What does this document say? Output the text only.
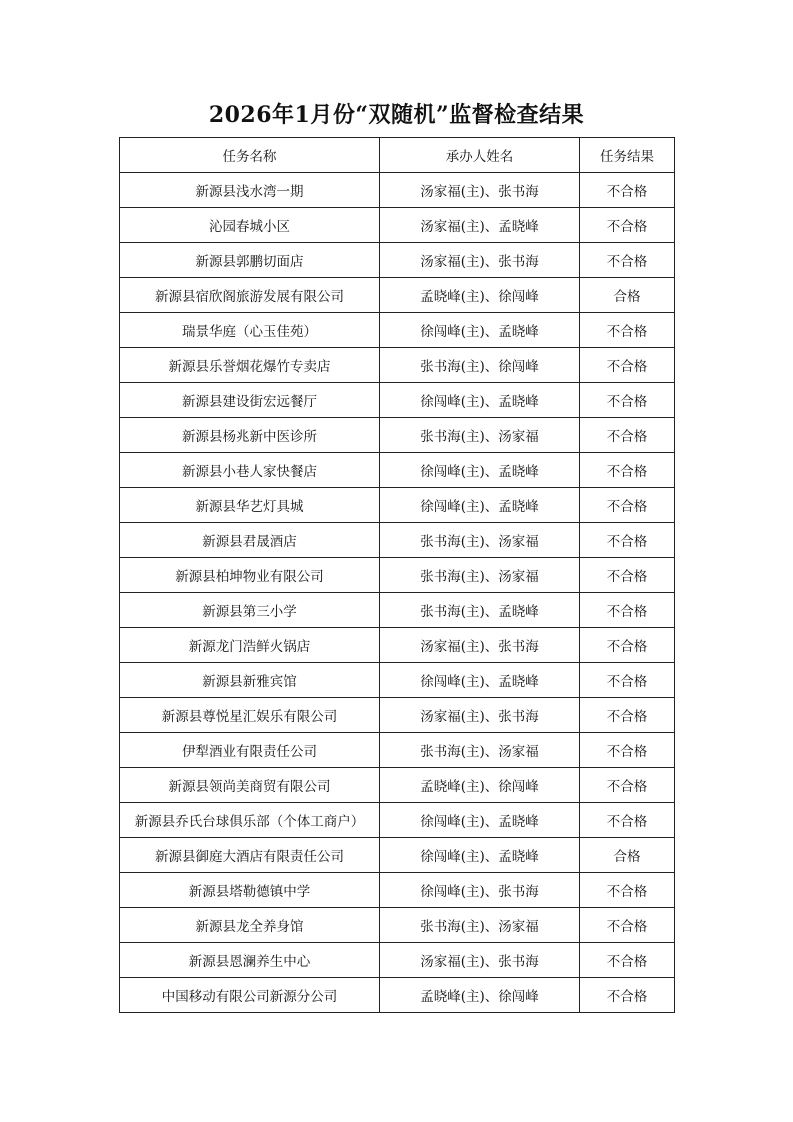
2026年1月份“双随机”监督检查结果
任务名称	承办人姓名	任务结果
新源县浅水湾一期	汤家福(主)、张书海	不合格
沁园春城小区	汤家福(主)、孟晓峰	不合格
新源县郭鹏切面店	汤家福(主)、张书海	不合格
新源县宿欣阁旅游发展有限公司	孟晓峰(主)、徐闯峰	合格
瑞景华庭（心玉佳苑）	徐闯峰(主)、孟晓峰	不合格
新源县乐誉烟花爆竹专卖店	张书海(主)、徐闯峰	不合格
新源县建设街宏远餐厅	徐闯峰(主)、孟晓峰	不合格
新源县杨兆新中医诊所	张书海(主)、汤家福	不合格
新源县小巷人家快餐店	徐闯峰(主)、孟晓峰	不合格
新源县华艺灯具城	徐闯峰(主)、孟晓峰	不合格
新源县君晟酒店	张书海(主)、汤家福	不合格
新源县柏坤物业有限公司	张书海(主)、汤家福	不合格
新源县第三小学	张书海(主)、孟晓峰	不合格
新源龙门浩鲜火锅店	汤家福(主)、张书海	不合格
新源县新雅宾馆	徐闯峰(主)、孟晓峰	不合格
新源县尊悦星汇娱乐有限公司	汤家福(主)、张书海	不合格
伊犁酒业有限责任公司	张书海(主)、汤家福	不合格
新源县领尚美商贸有限公司	孟晓峰(主)、徐闯峰	不合格
新源县乔氏台球俱乐部（个体工商户）	徐闯峰(主)、孟晓峰	不合格
新源县御庭大酒店有限责任公司	徐闯峰(主)、孟晓峰	合格
新源县塔勒德镇中学	徐闯峰(主)、张书海	不合格
新源县龙全养身馆	张书海(主)、汤家福	不合格
新源县恩澜养生中心	汤家福(主)、张书海	不合格
中国移动有限公司新源分公司	孟晓峰(主)、徐闯峰	不合格
